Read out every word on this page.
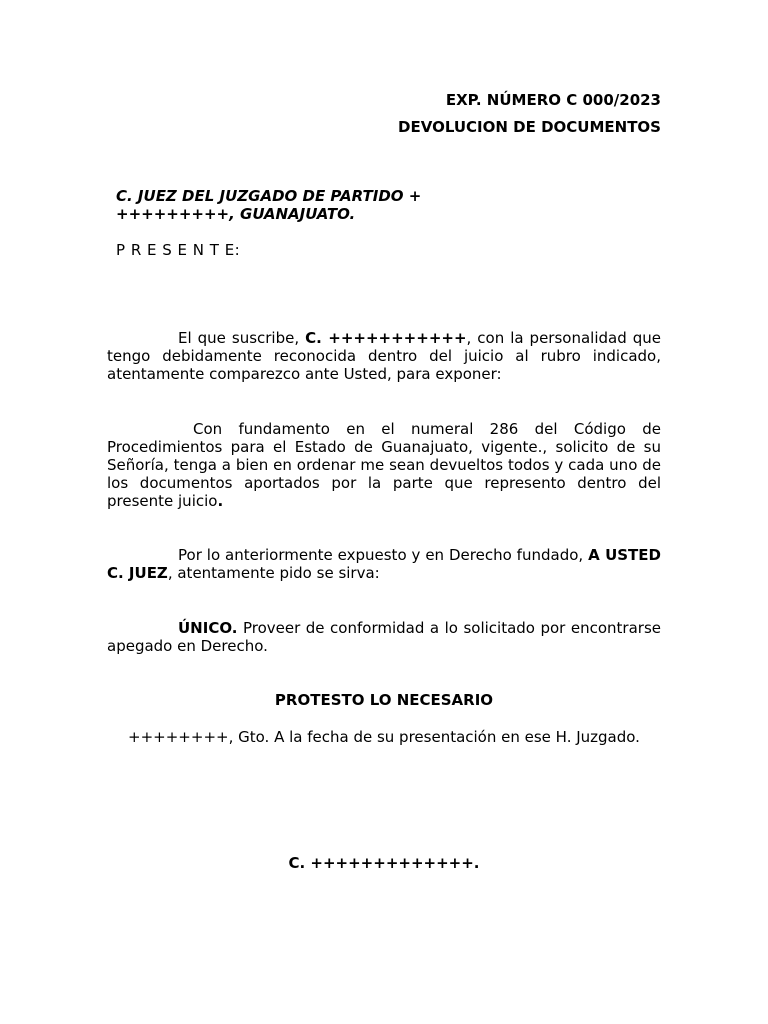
EXP. NÚMERO C 000/2023
DEVOLUCION DE DOCUMENTOS
C. JUEZ DEL JUZGADO DE PARTIDO +
+++++++++, GUANAJUATO.
P R E S E N T E:

El que suscribe, C. +++++++++++, con la personalidad que tengo debidamente reconocida dentro del juicio al rubro indicado, atentamente comparezco ante Usted, para exponer:

Con fundamento en el numeral 286 del Código de Procedimientos para el Estado de Guanajuato, vigente., solicito de su Señoría, tenga a bien en ordenar me sean devueltos todos y cada uno de los documentos aportados por la parte que represento dentro del presente juicio.

Por lo anteriormente expuesto y en Derecho fundado, A USTED C. JUEZ, atentamente pido se sirva:

ÚNICO. Proveer de conformidad a lo solicitado por encontrarse apegado en Derecho.

PROTESTO LO NECESARIO
++++++++, Gto. A la fecha de su presentación en ese H. Juzgado.
C. +++++++++++++.
